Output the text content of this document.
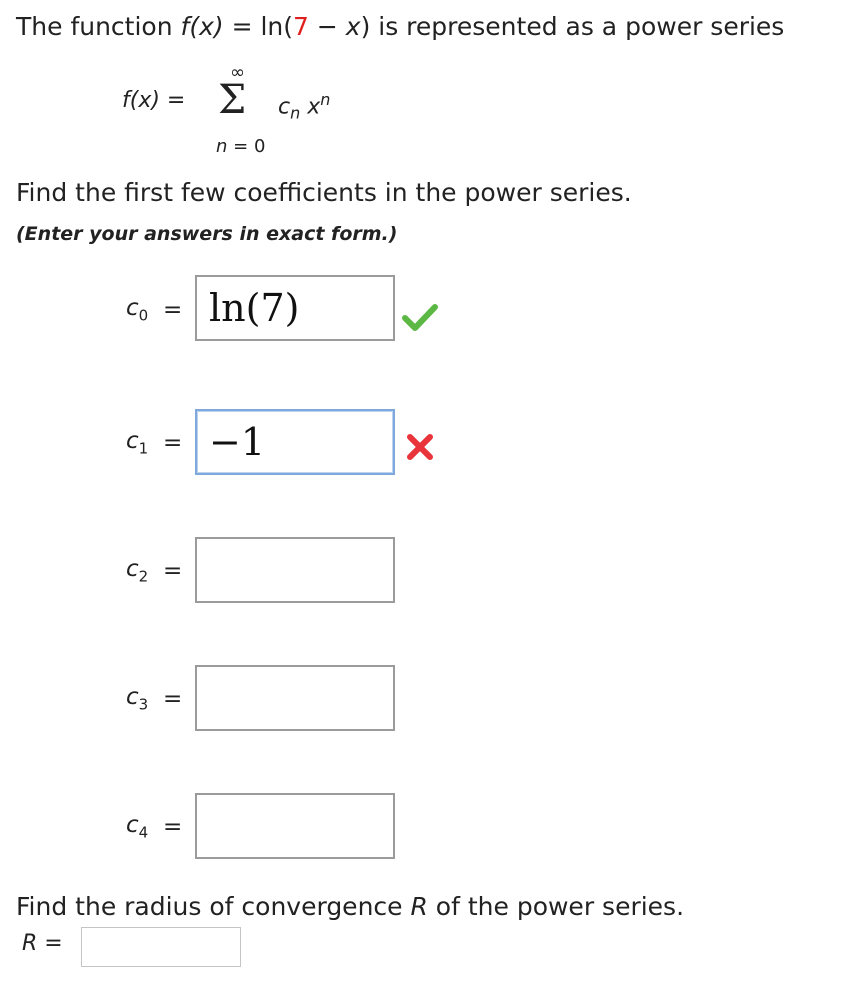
The function f(x) = ln(7 − x) is represented as a power series
f(x) =
∞
Σ $c_n$ $x^n$
n = 0
Find the first few coefficients in the power series.
(Enter your answers in exact form.)
$c_0 = \ln(7)$
$c_1 = -1$
$c_2$ =
$c_3$ =
$c_4$ =
Find the radius of convergence R of the power series.
R =
